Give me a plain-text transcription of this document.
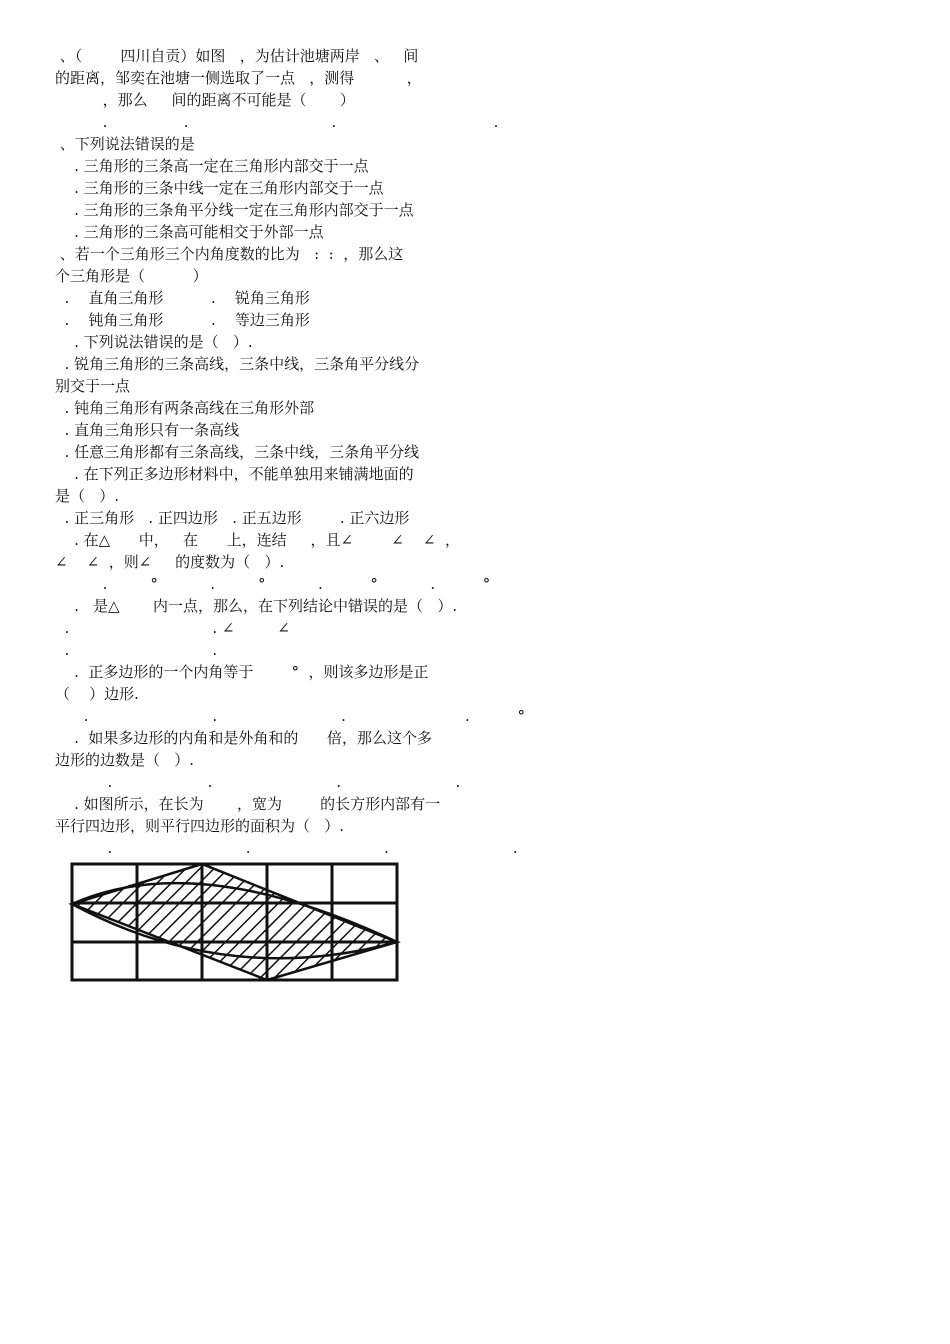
、（        四川自贡）如图   ，为估计池塘两岸   、   间
的距离，邹奕在池塘一侧选取了一点   ，测得           ，
，那么     间的距离不可能是（       ）
.                .                              .                                 .
、下列说法错误的是
. 三角形的三条高一定在三角形内部交于一点
. 三角形的三条中线一定在三角形内部交于一点
. 三角形的三条角平分线一定在三角形内部交于一点
. 三角形的三条高可能相交于外部一点
、若一个三角形三个内角度数的比为   :  :  ，那么这
个三角形是（          ）
.    直角三角形          .    锐角三角形
.    钝角三角形          .    等边三角形
. 下列说法错误的是（   ）.
. 锐角三角形的三条高线，三条中线，三条角平分线分
别交于一点
. 钝角三角形有两条高线在三角形外部
. 直角三角形只有一条高线
. 任意三角形都有三条高线，三条中线，三条角平分线
. 在下列正多边形材料中，不能单独用来铺满地面的
是（   ）.
. 正三角形   . 正四边形   . 正五边形        . 正六边形
. 在△      中，   在      上，连结     ，且∠        ∠    ∠  ，
∠    ∠  ，则∠     的度数为（   ）.
.         °           .         °           .          °           .          °
.   是△       内一点，那么，在下列结论中错误的是（   ）.
.                              . ∠         ∠
.                              .
.  正多边形的一个内角等于        °  ，则该多边形是正
（    ）边形.
.                          .                          .                         .          °
.  如果多边形的内角和是外角和的      倍，那么这个多
边形的边数是（   ）.
.                    .                          .                        .
. 如图所示，在长为       ，宽为        的长方形内部有一
平行四边形，则平行四边形的面积为（   ）.
.                            .                            .                          .
